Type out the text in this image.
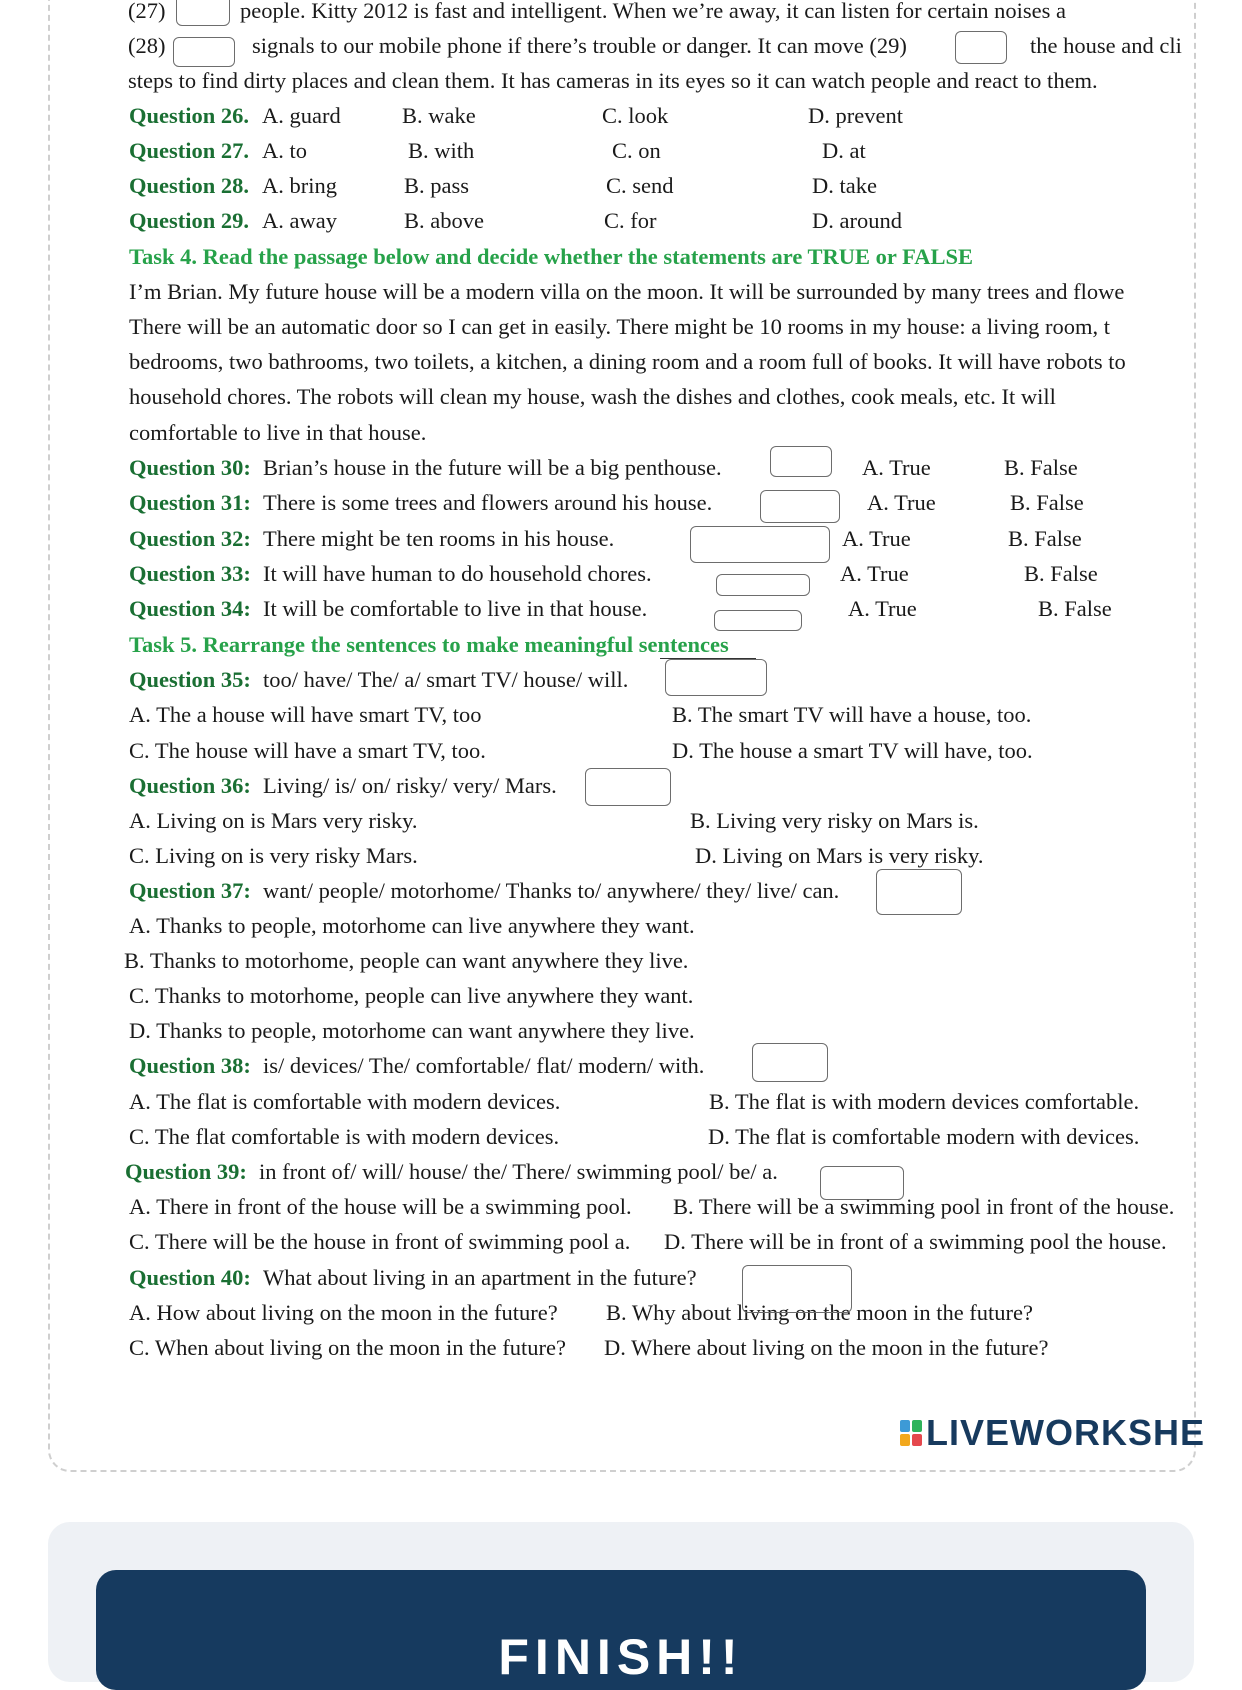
(27)	people. Kitty 2012 is fast and intelligent. When we’re away, it can listen for certain noises a
(28)	signals to our mobile phone if there’s trouble or danger. It can move (29)	the house and cli
steps to find dirty places and clean them. It has cameras in its eyes so it can watch people and react to them.
Question 26. A. guard	B. wake	C. look	D. prevent
Question 27. A. to	B. with	C. on	D. at
Question 28. A. bring	B. pass	C. send	D. take
Question 29. A. away	B. above	C. for	D. around
Task 4. Read the passage below and decide whether the statements are TRUE or FALSE
I’m Brian. My future house will be a modern villa on the moon. It will be surrounded by many trees and flowe
There will be an automatic door so I can get in easily. There might be 10 rooms in my house: a living room, t
bedrooms, two bathrooms, two toilets, a kitchen, a dining room and a room full of books. It will have robots to
household chores. The robots will clean my house, wash the dishes and clothes, cook meals, etc. It will
comfortable to live in that house.
Question 30: Brian’s house in the future will be a big penthouse.	A. True	B. False
Question 31: There is some trees and flowers around his house.	A. True	B. False
Question 32: There might be ten rooms in his house.	A. True	B. False
Question 33: It will have human to do household chores.	A. True	B. False
Question 34: It will be comfortable to live in that house.	A. True	B. False
Task 5. Rearrange the sentences to make meaningful sentences
Question 35: too/ have/ The/ a/ smart TV/ house/ will.
A. The a house will have smart TV, too	B. The smart TV will have a house, too.
C. The house will have a smart TV, too.	D. The house a smart TV will have, too.
Question 36: Living/ is/ on/ risky/ very/ Mars.
A. Living on is Mars very risky.	B. Living very risky on Mars is.
C. Living on is very risky Mars.	D. Living on Mars is very risky.
Question 37: want/ people/ motorhome/ Thanks to/ anywhere/ they/ live/ can.
A. Thanks to people, motorhome can live anywhere they want.
B. Thanks to motorhome, people can want anywhere they live.
C. Thanks to motorhome, people can live anywhere they want.
D. Thanks to people, motorhome can want anywhere they live.
Question 38: is/ devices/ The/ comfortable/ flat/ modern/ with.
A. The flat is comfortable with modern devices.	B. The flat is with modern devices comfortable.
C. The flat comfortable is with modern devices.	D. The flat is comfortable modern with devices.
Question 39: in front of/ will/ house/ the/ There/ swimming pool/ be/ a.
A. There in front of the house will be a swimming pool. B. There will be a swimming pool in front of the house.
C. There will be the house in front of swimming pool a. D. There will be in front of a swimming pool the house.
Question 40: What about living in an apartment in the future?
A. How about living on the moon in the future? B. Why about living on the moon in the future?
C. When about living on the moon in the future? D. Where about living on the moon in the future?
LIVEWORKSHE
FINISH!!
